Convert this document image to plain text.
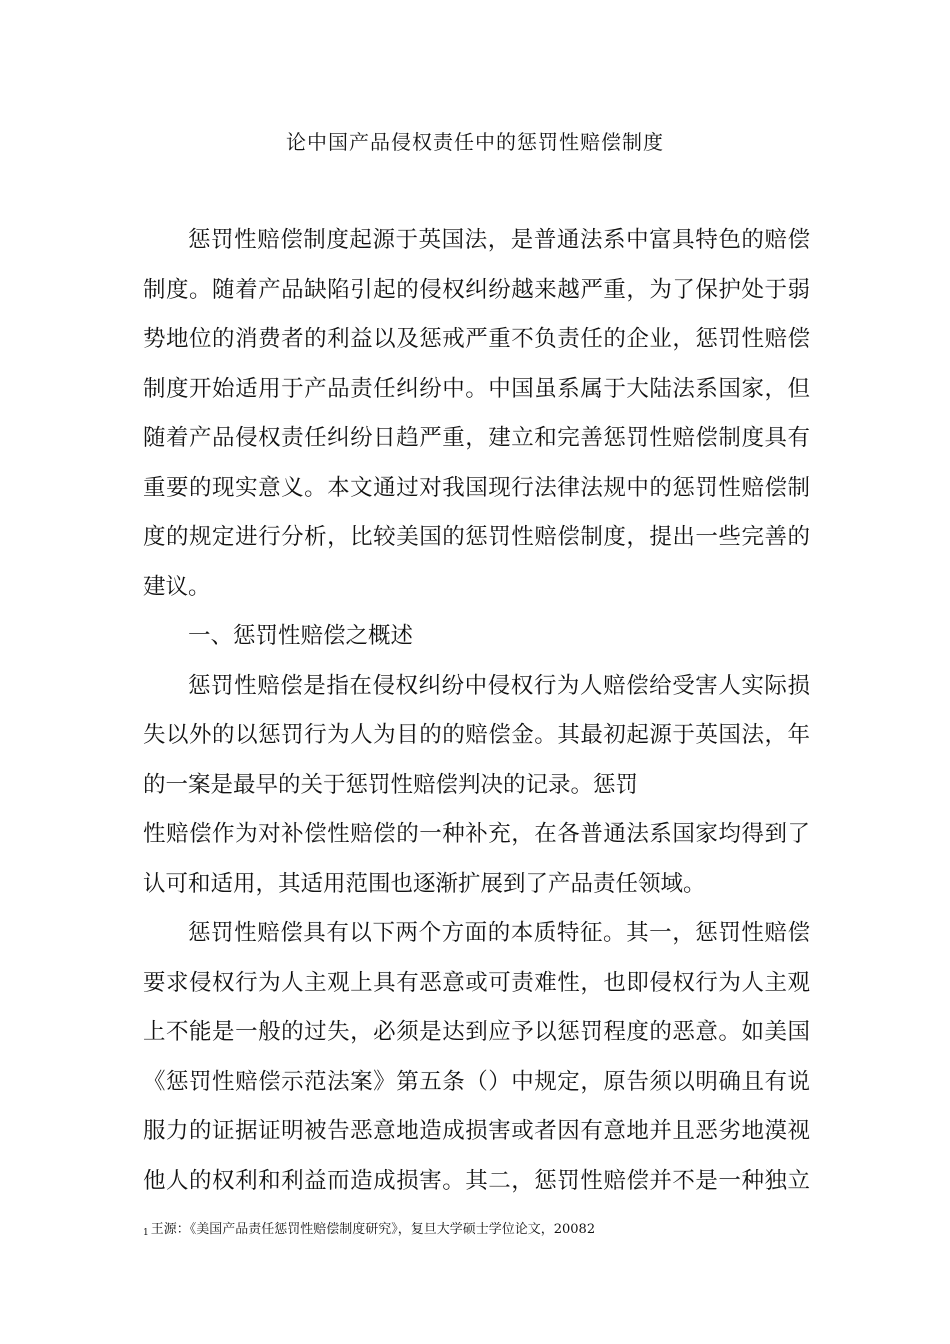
论中国产品侵权责任中的惩罚性赔偿制度
惩罚性赔偿制度起源于英国法，是普通法系中富具特色的赔偿
制度。随着产品缺陷引起的侵权纠纷越来越严重，为了保护处于弱
势地位的消费者的利益以及惩戒严重不负责任的企业，惩罚性赔偿
制度开始适用于产品责任纠纷中。中国虽系属于大陆法系国家，但
随着产品侵权责任纠纷日趋严重，建立和完善惩罚性赔偿制度具有
重要的现实意义。本文通过对我国现行法律法规中的惩罚性赔偿制
度的规定进行分析，比较美国的惩罚性赔偿制度，提出一些完善的
建议。
一、惩罚性赔偿之概述
惩罚性赔偿是指在侵权纠纷中侵权行为人赔偿给受害人实际损
失以外的以惩罚行为人为目的的赔偿金。其最初起源于英国法，年
的一案是最早的关于惩罚性赔偿判决的记录。惩罚
性赔偿作为对补偿性赔偿的一种补充，在各普通法系国家均得到了
认可和适用，其适用范围也逐渐扩展到了产品责任领域。
惩罚性赔偿具有以下两个方面的本质特征。其一，惩罚性赔偿
要求侵权行为人主观上具有恶意或可责难性，也即侵权行为人主观
上不能是一般的过失，必须是达到应予以惩罚程度的恶意。如美国
《惩罚性赔偿示范法案》第五条（）中规定，原告须以明确且有说
服力的证据证明被告恶意地造成损害或者因有意地并且恶劣地漠视
他人的权利和利益而造成损害。其二，惩罚性赔偿并不是一种独立
1 王源：《美国产品责任惩罚性赔偿制度研究》，复旦大学硕士学位论文，20082
